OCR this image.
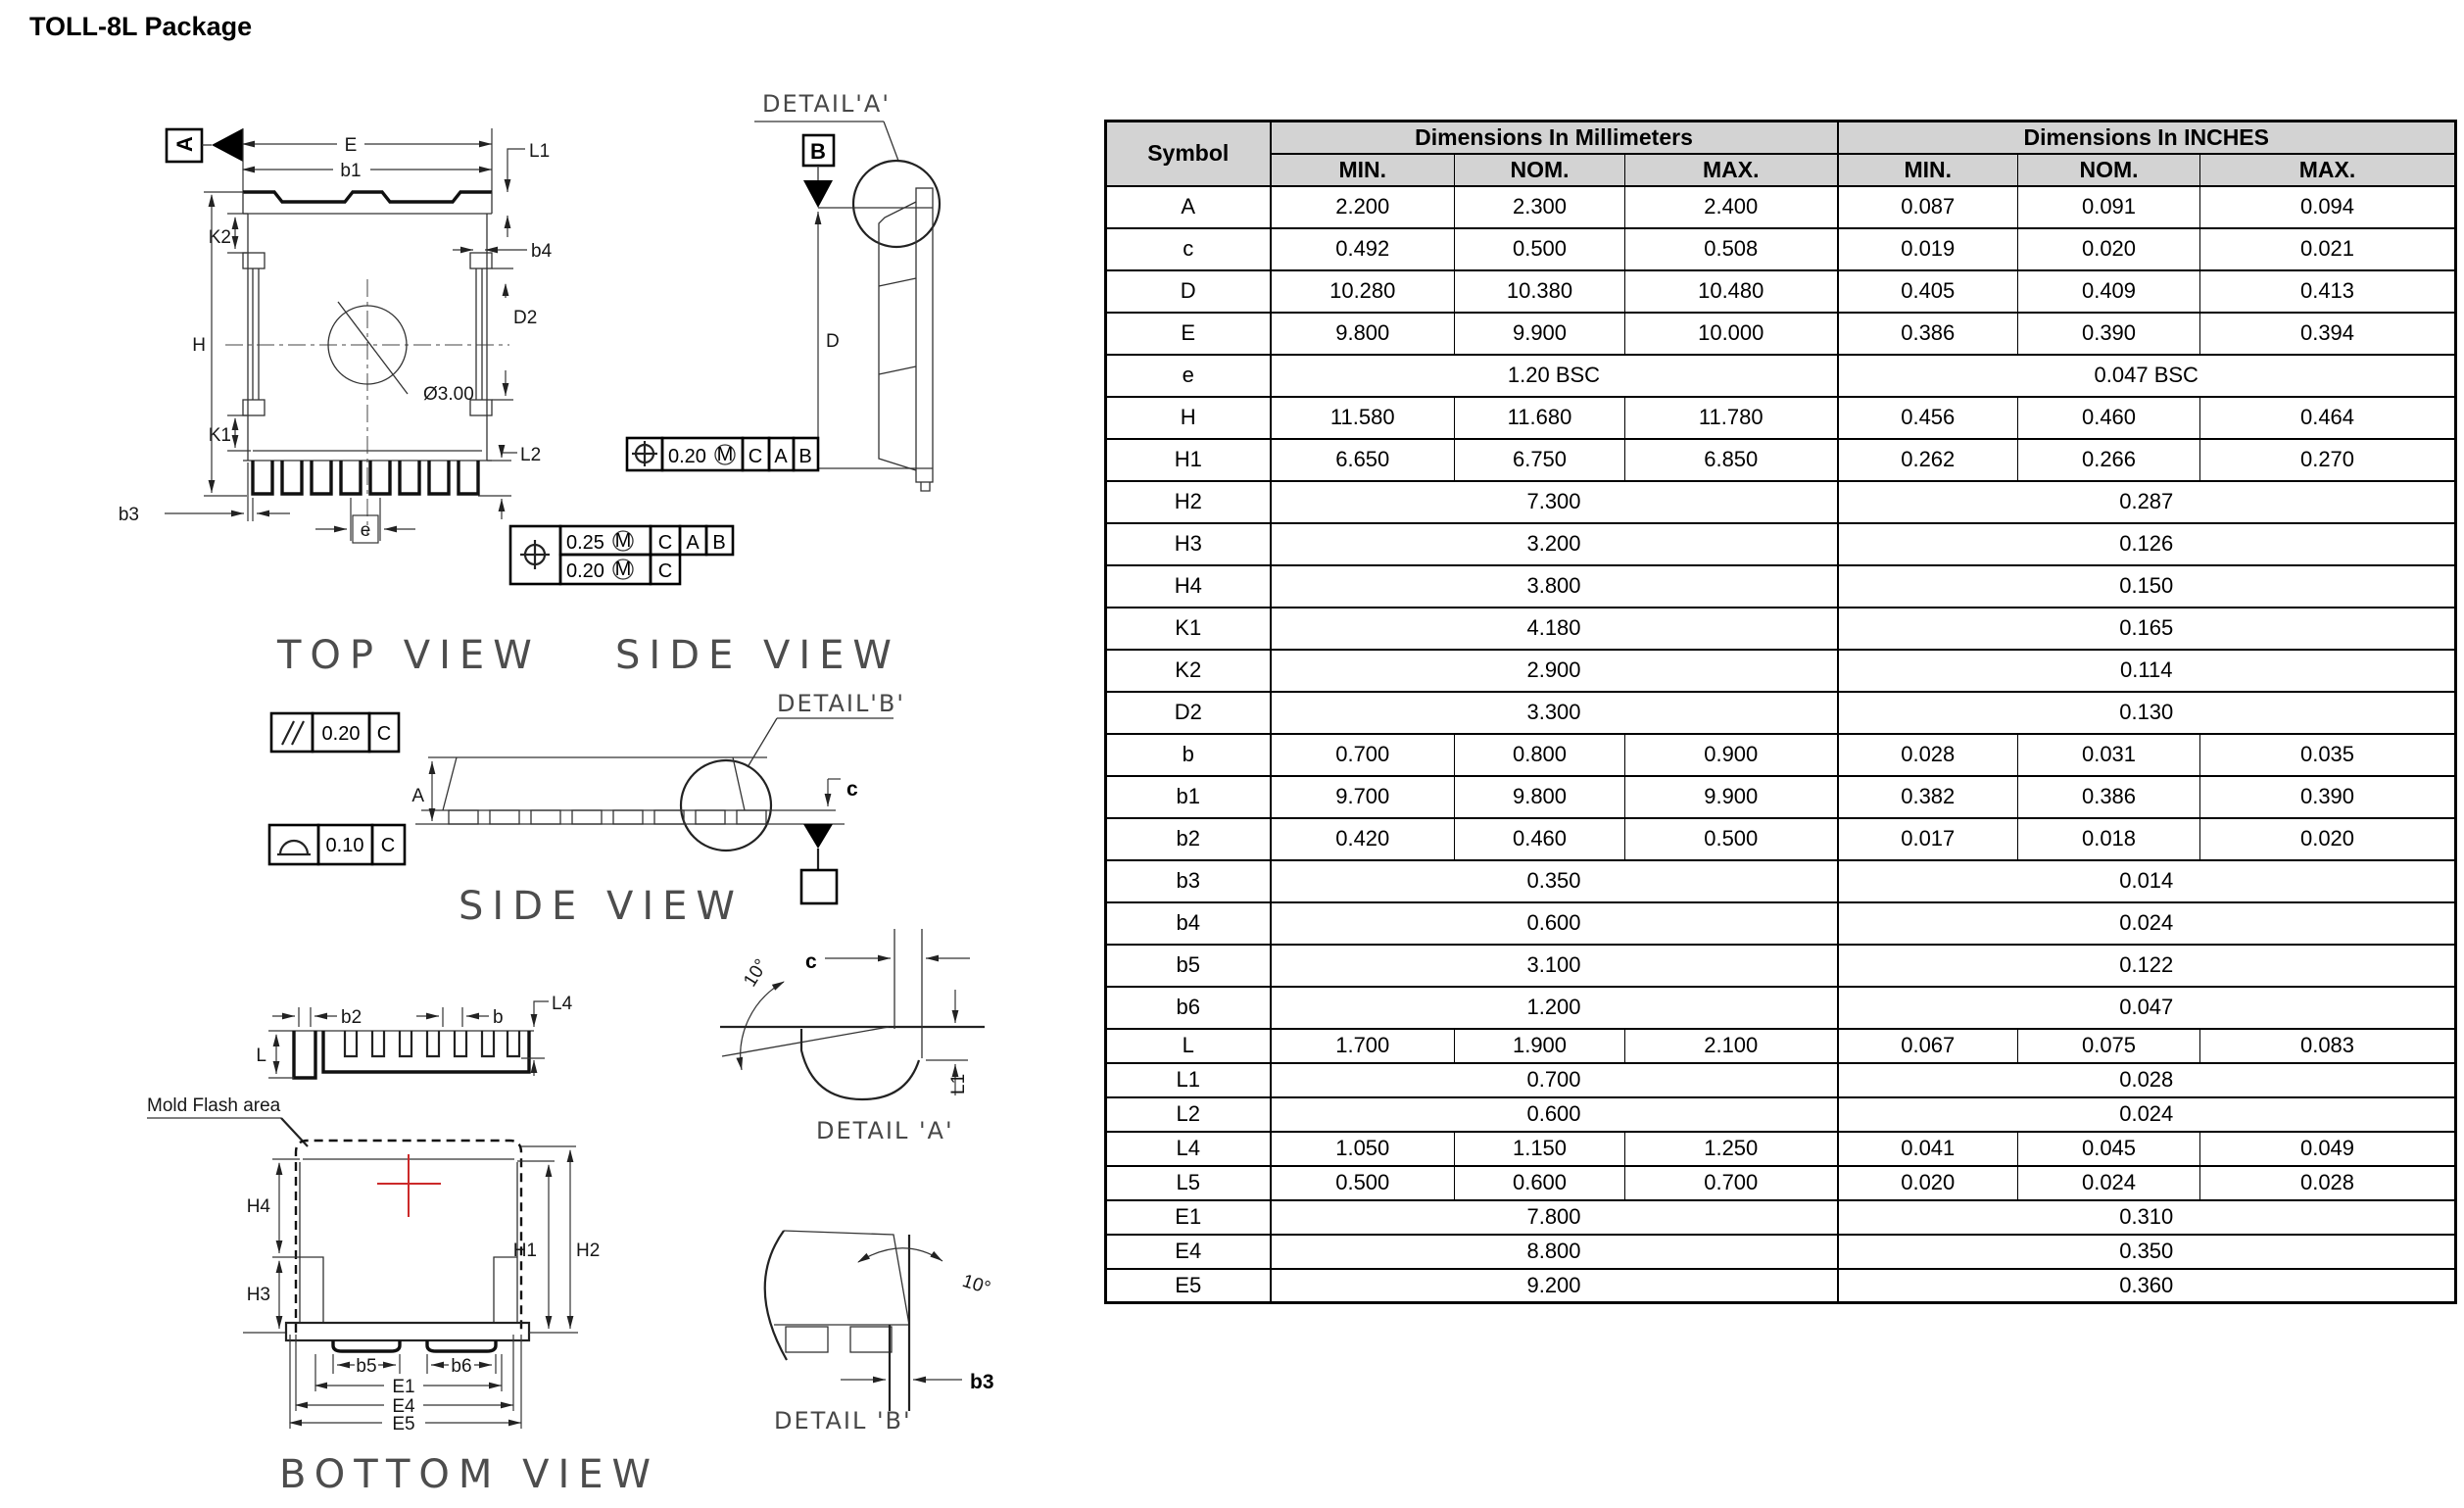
TOLL-8L Package
A	E
b1
L1
Ø3.00
K2
K1
H
b4
D2
L2
b3
e
0.25 M C A B
0.20 M C
TOP VIEW
DETAIL'A'
B
D
0.20 M C A B
SIDE VIEW
DETAIL'B'
0.20 C
A
0.10 C
c
SIDE VIEW
b2	b
L4
L
Mold Flash area
H4
H3
b5	b6
E1
E4
E5
H1 H2
BOTTOM VIEW
10° c
L1
DETAIL 'A'
10°
b3
DETAIL 'B'
Symbol	Dimensions In Millimeters			Dimensions In INCHES		
	MIN.	NOM.	MAX.	MIN.	NOM.	MAX.
A	2.200	2.300	2.400	0.087	0.091	0.094
c	0.492	0.500	0.508	0.019	0.020	0.021
D	10.280	10.380	10.480	0.405	0.409	0.413
E	9.800	9.900	10.000	0.386	0.390	0.394
e	1.20 BSC			0.047 BSC		
H	11.580	11.680	11.780	0.456	0.460	0.464
H1	6.650	6.750	6.850	0.262	0.266	0.270
H2	7.300			0.287		
H3	3.200			0.126		
H4	3.800			0.150		
K1	4.180			0.165		
K2	2.900			0.114		
D2	3.300			0.130		
b	0.700	0.800	0.900	0.028	0.031	0.035
b1	9.700	9.800	9.900	0.382	0.386	0.390
b2	0.420	0.460	0.500	0.017	0.018	0.020
b3	0.350			0.014		
b4	0.600			0.024		
b5	3.100			0.122		
b6	1.200			0.047		
L	1.700	1.900	2.100	0.067	0.075	0.083
L1	0.700			0.028		
L2	0.600			0.024		
L4	1.050	1.150	1.250	0.041	0.045	0.049
L5	0.500	0.600	0.700	0.020	0.024	0.028
E1	7.800			0.310		
E4	8.800			0.350		
E5	9.200			0.360		
